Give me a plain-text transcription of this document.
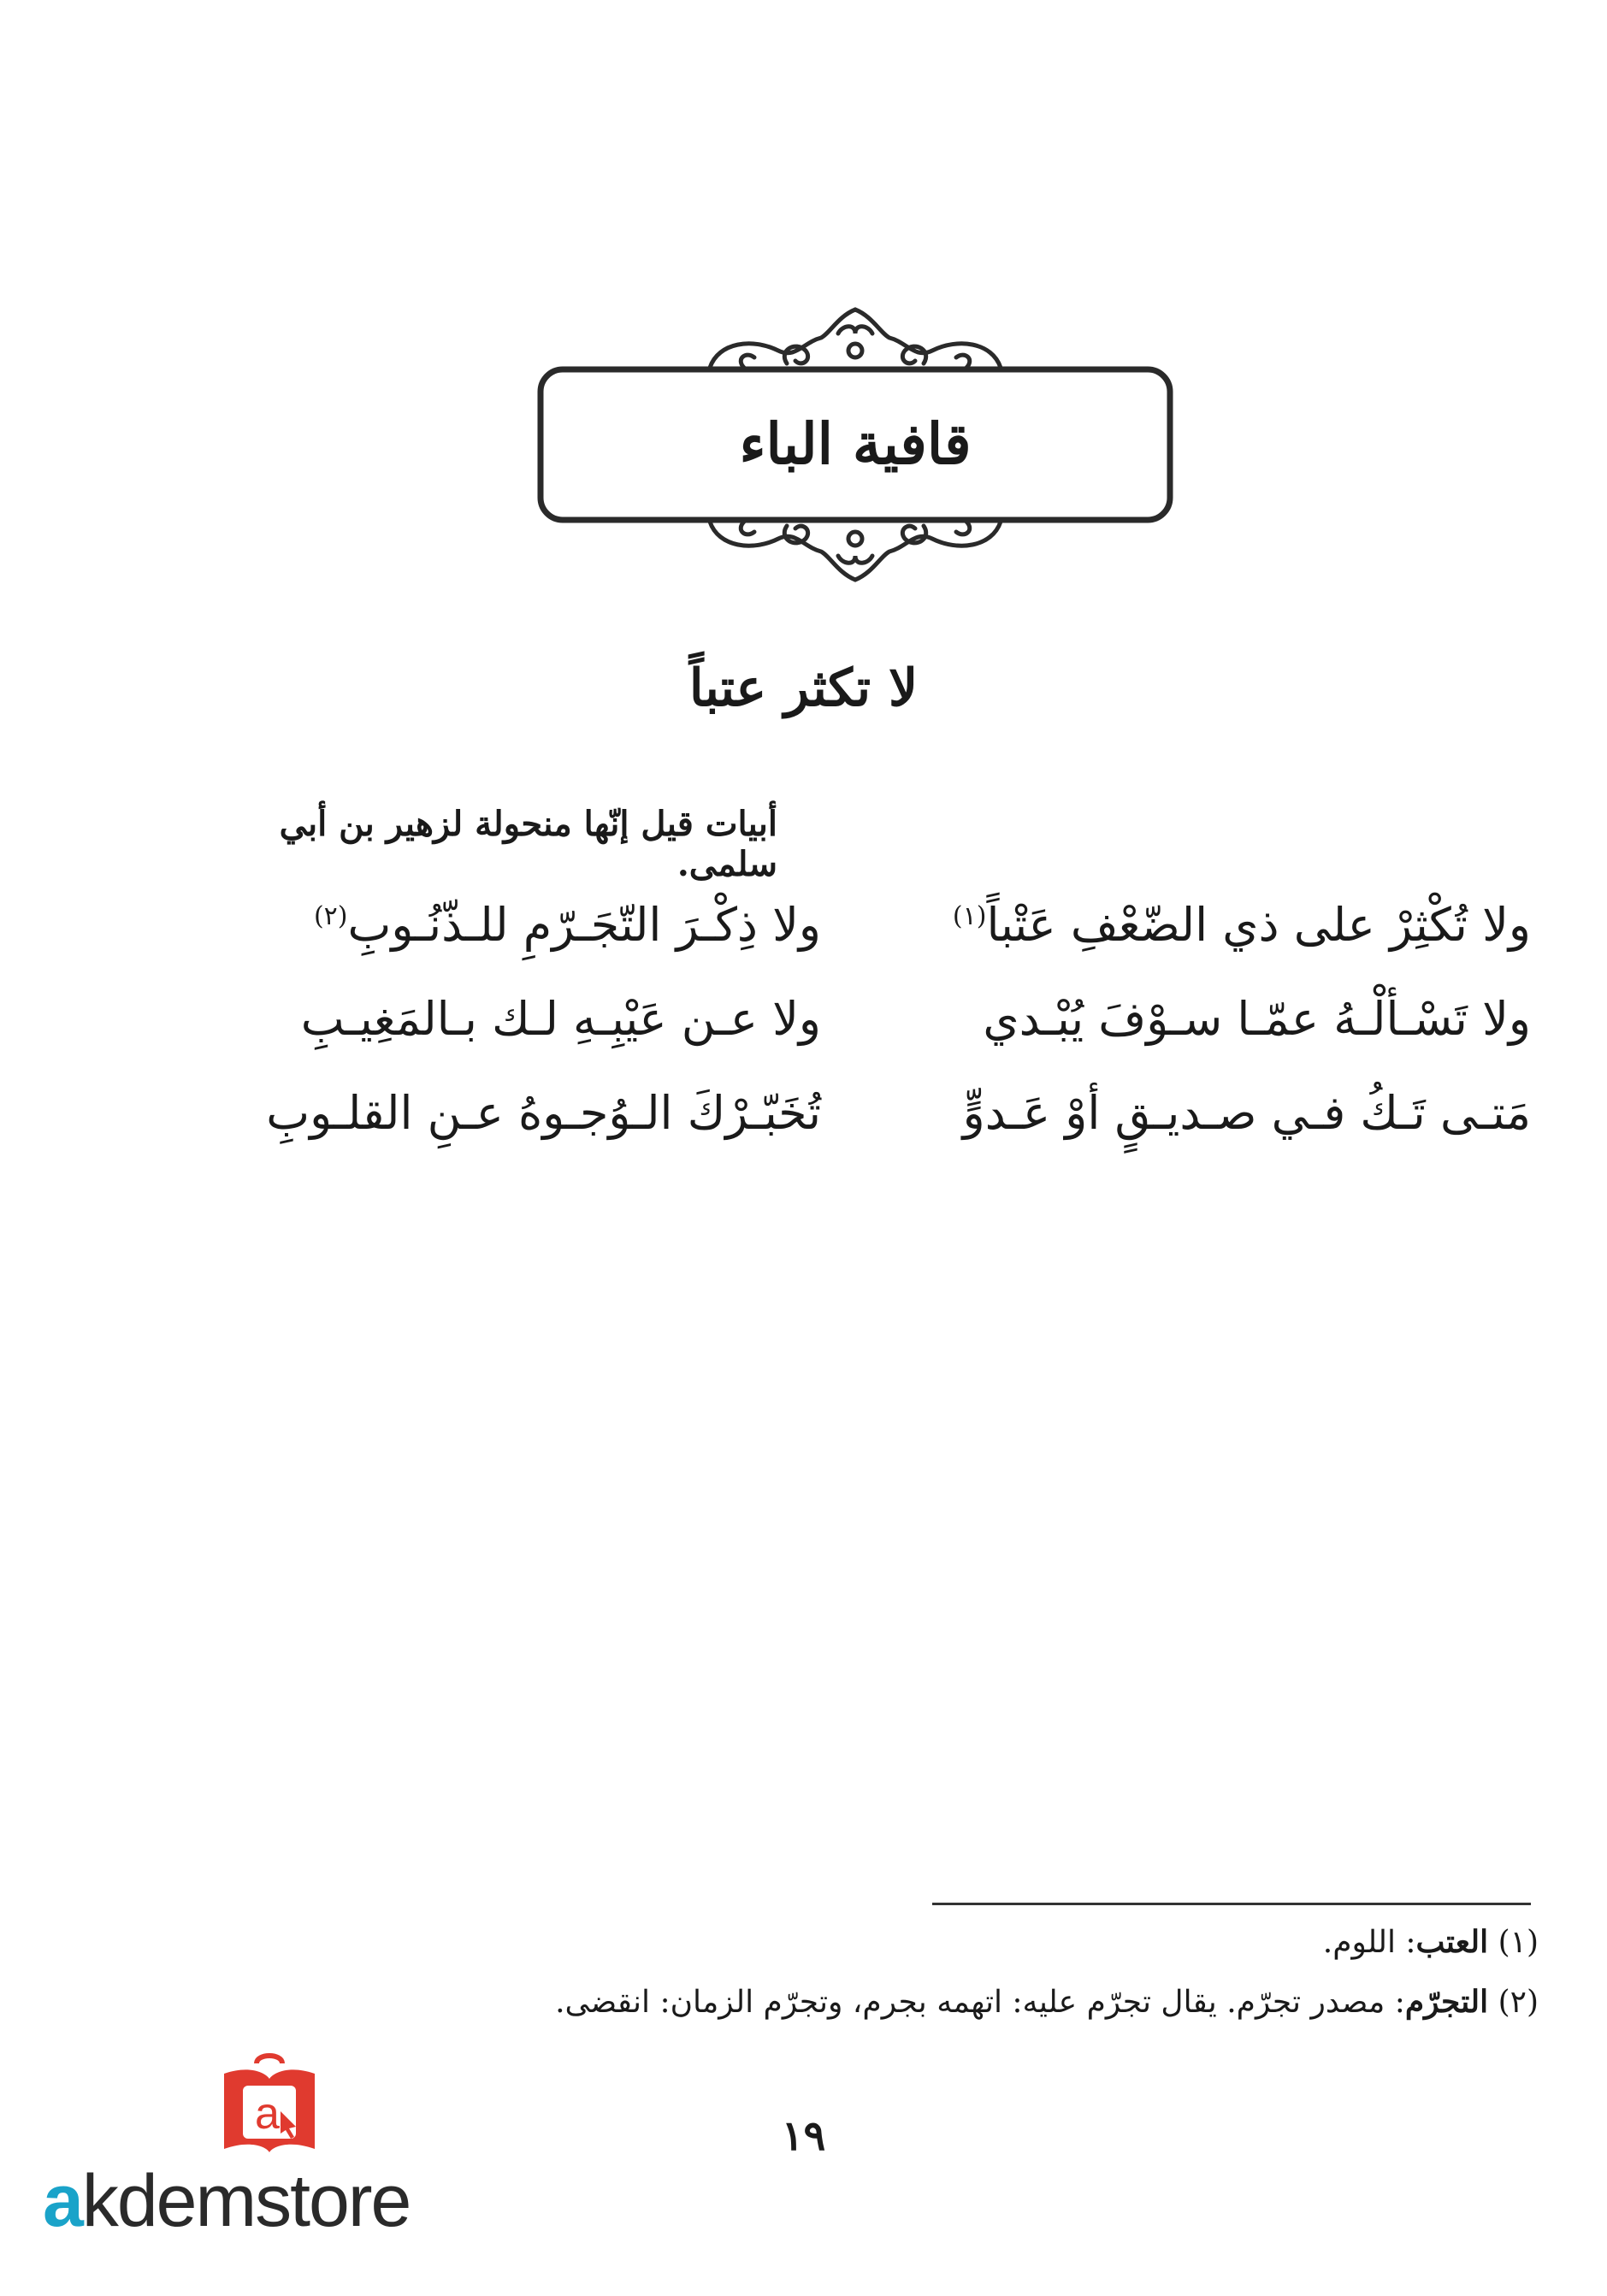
قافية الباء
لا تكثر عتباً
أبيات قيل إنّها منحولة لزهير بن أبي سلمى.
ولا تُكْثِرْ على ذي الضّعْفِ عَتْباً$^{(١)}$
ولا ذِكْـرَ التّجَـرّمِ للـذّنُـوبِ$^{(٢)}$
ولا تَسْـألْـهُ عمّـا سـوْفَ يُبْـدي
ولا عـن عَيْبِـهِ لـك بـالمَغِيـبِ
مَتـى تَـكُ فـي صـديـقٍ أوْ عَـدوٍّ
تُخَبّـرْكَ الـوُجـوهُ عـنِ القلـوبِ
(١) العتب: اللوم.
(٢) التجرّم: مصدر تجرّم. يقال تجرّم عليه: اتهمه بجرم، وتجرّم الزمان: انقضى.
١٩
a
akdemstore
